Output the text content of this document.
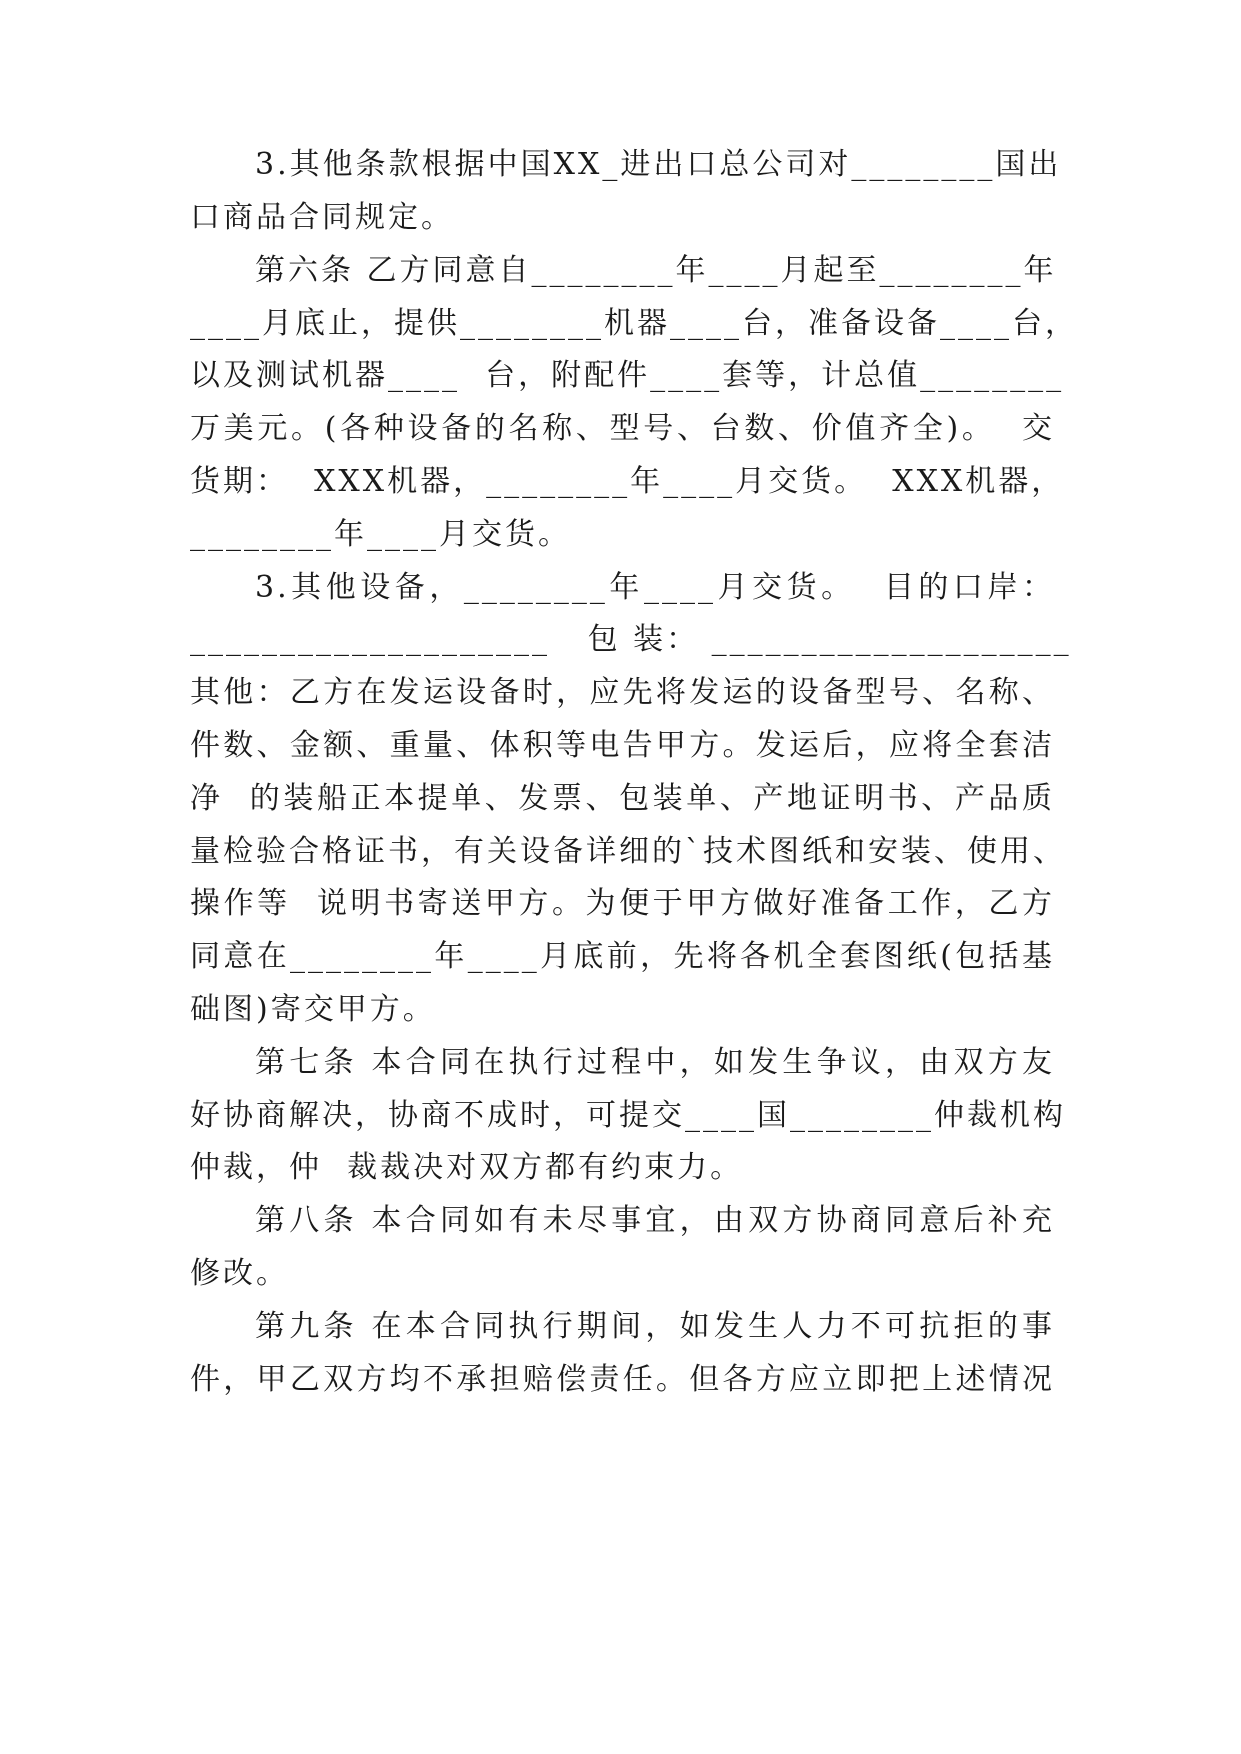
3.其他条款根据中国XX_进出口总公司对________国出
口商品合同规定。
第六条 乙方同意自________年____月起至________年
____月底止，提供________机器____台，准备设备____台，
以及测试机器____  台，附配件____套等，计总值________
万美元。(各种设备的名称、型号、台数、价值齐全)。  交
货期：  XXX机器，________年____月交货。  XXX机器，
________年____月交货。
3.其他设备，________年____月交货。  目的口岸：
____________________   包 装： ____________________
其他：乙方在发运设备时，应先将发运的设备型号、名称、
件数、金额、重量、体积等电告甲方。发运后，应将全套洁
净  的装船正本提单、发票、包装单、产地证明书、产品质
量检验合格证书，有关设备详细的`技术图纸和安装、使用、
操作等  说明书寄送甲方。为便于甲方做好准备工作，乙方
同意在________年____月底前，先将各机全套图纸(包括基
础图)寄交甲方。
第七条 本合同在执行过程中，如发生争议，由双方友
好协商解决，协商不成时，可提交____国________仲裁机构
仲裁，仲  裁裁决对双方都有约束力。
第八条 本合同如有未尽事宜，由双方协商同意后补充
修改。
第九条 在本合同执行期间，如发生人力不可抗拒的事
件，甲乙双方均不承担赔偿责任。但各方应立即把上述情况
